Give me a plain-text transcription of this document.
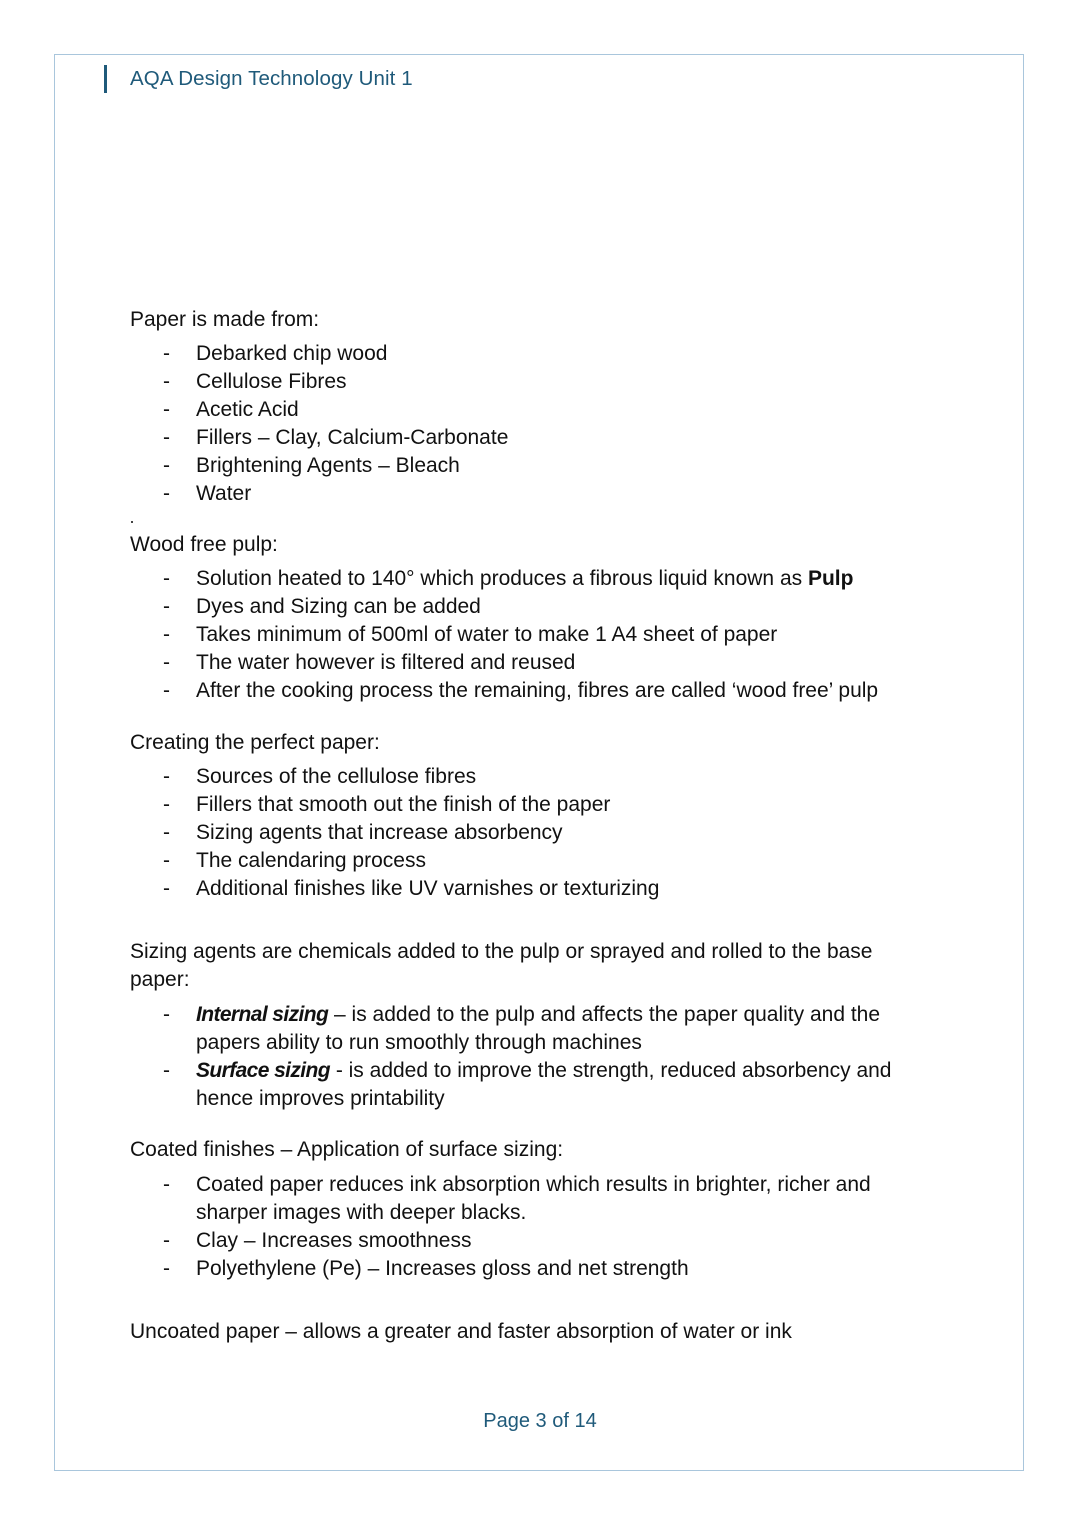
AQA Design Technology Unit 1

Paper is made from:

- Debarked chip wood
- Cellulose Fibres
- Acetic Acid
- Fillers – Clay, Calcium-Carbonate
- Brightening Agents – Bleach
- Water

Wood free pulp:

- Solution heated to 140° which produces a fibrous liquid known as Pulp
- Dyes and Sizing can be added
- Takes minimum of 500ml of water to make 1 A4 sheet of paper
- The water however is filtered and reused
- After the cooking process the remaining, fibres are called ‘wood free’ pulp

Creating the perfect paper:

- Sources of the cellulose fibres
- Fillers that smooth out the finish of the paper
- Sizing agents that increase absorbency
- The calendaring process
- Additional finishes like UV varnishes or texturizing

Sizing agents are chemicals added to the pulp or sprayed and rolled to the base paper:

- Internal sizing – is added to the pulp and affects the paper quality and the papers ability to run smoothly through machines
- Surface sizing - is added to improve the strength, reduced absorbency and hence improves printability

Coated finishes – Application of surface sizing:

- Coated paper reduces ink absorption which results in brighter, richer and sharper images with deeper blacks.
- Clay – Increases smoothness
- Polyethylene (Pe) – Increases gloss and net strength

Uncoated paper – allows a greater and faster absorption of water or ink

Page 3 of 14
